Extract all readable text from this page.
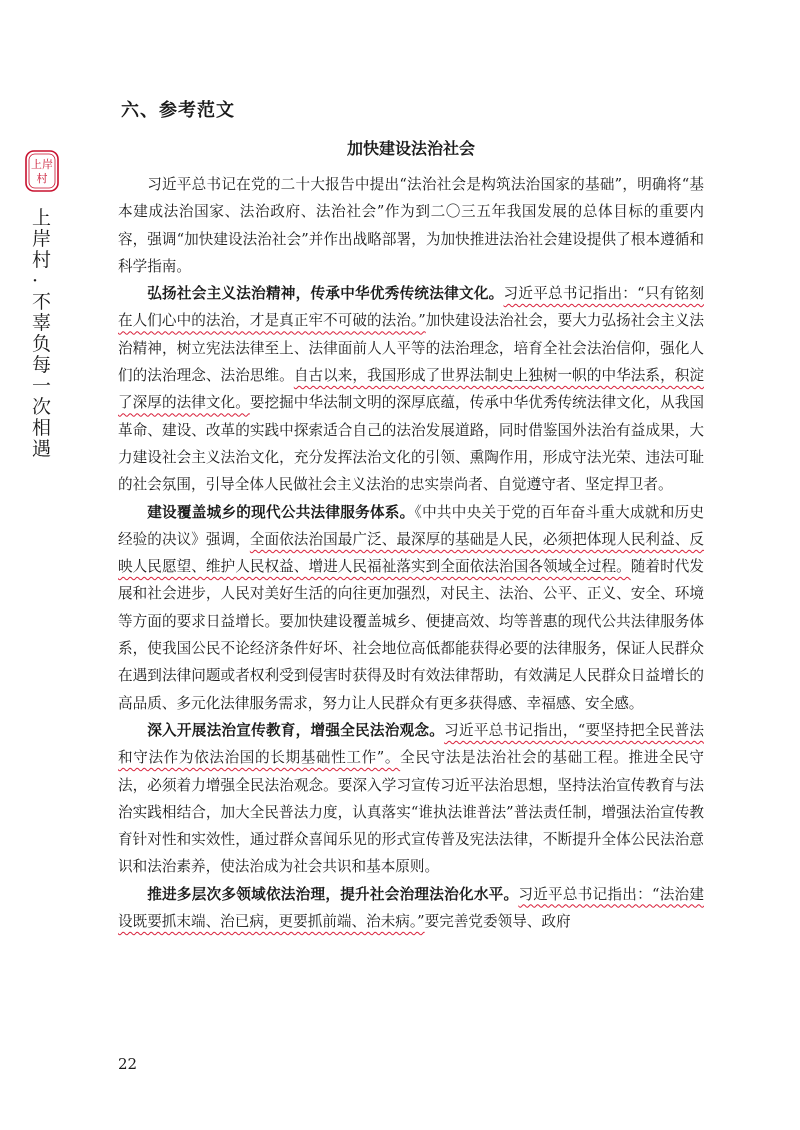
上岸
村
上岸村·不辜负每一次相遇
六、参考范文
加快建设法治社会

习近平总书记在党的二十大报告中提出“法治社会是构筑法治国家的基础”，明确将“基本建成法治国家、法治政府、法治社会”作为到二〇三五年我国发展的总体目标的重要内容，强调“加快建设法治社会”并作出战略部署，为加快推进法治社会建设提供了根本遵循和科学指南。

弘扬社会主义法治精神，传承中华优秀传统法律文化。习近平总书记指出：“只有铭刻在人们心中的法治，才是真正牢不可破的法治。”加快建设法治社会，要大力弘扬社会主义法治精神，树立宪法法律至上、法律面前人人平等的法治理念，培育全社会法治信仰，强化人们的法治理念、法治思维。自古以来，我国形成了世界法制史上独树一帜的中华法系，积淀了深厚的法律文化。要挖掘中华法制文明的深厚底蕴，传承中华优秀传统法律文化，从我国革命、建设、改革的实践中探索适合自己的法治发展道路，同时借鉴国外法治有益成果，大力建设社会主义法治文化，充分发挥法治文化的引领、熏陶作用，形成守法光荣、违法可耻的社会氛围，引导全体人民做社会主义法治的忠实崇尚者、自觉遵守者、坚定捍卫者。

建设覆盖城乡的现代公共法律服务体系。《中共中央关于党的百年奋斗重大成就和历史经验的决议》强调，全面依法治国最广泛、最深厚的基础是人民，必须把体现人民利益、反映人民愿望、维护人民权益、增进人民福祉落实到全面依法治国各领域全过程。随着时代发展和社会进步，人民对美好生活的向往更加强烈，对民主、法治、公平、正义、安全、环境等方面的要求日益增长。要加快建设覆盖城乡、便捷高效、均等普惠的现代公共法律服务体系，使我国公民不论经济条件好坏、社会地位高低都能获得必要的法律服务，保证人民群众在遇到法律问题或者权利受到侵害时获得及时有效法律帮助，有效满足人民群众日益增长的高品质、多元化法律服务需求，努力让人民群众有更多获得感、幸福感、安全感。

深入开展法治宣传教育，增强全民法治观念。习近平总书记指出，“要坚持把全民普法和守法作为依法治国的长期基础性工作”。全民守法是法治社会的基础工程。推进全民守法，必须着力增强全民法治观念。要深入学习宣传习近平法治思想，坚持法治宣传教育与法治实践相结合，加大全民普法力度，认真落实“谁执法谁普法”普法责任制，增强法治宣传教育针对性和实效性，通过群众喜闻乐见的形式宣传普及宪法法律，不断提升全体公民法治意识和法治素养，使法治成为社会共识和基本原则。

推进多层次多领域依法治理，提升社会治理法治化水平。习近平总书记指出：“法治建设既要抓末端、治已病，更要抓前端、治未病。”要完善党委领导、政府

22
